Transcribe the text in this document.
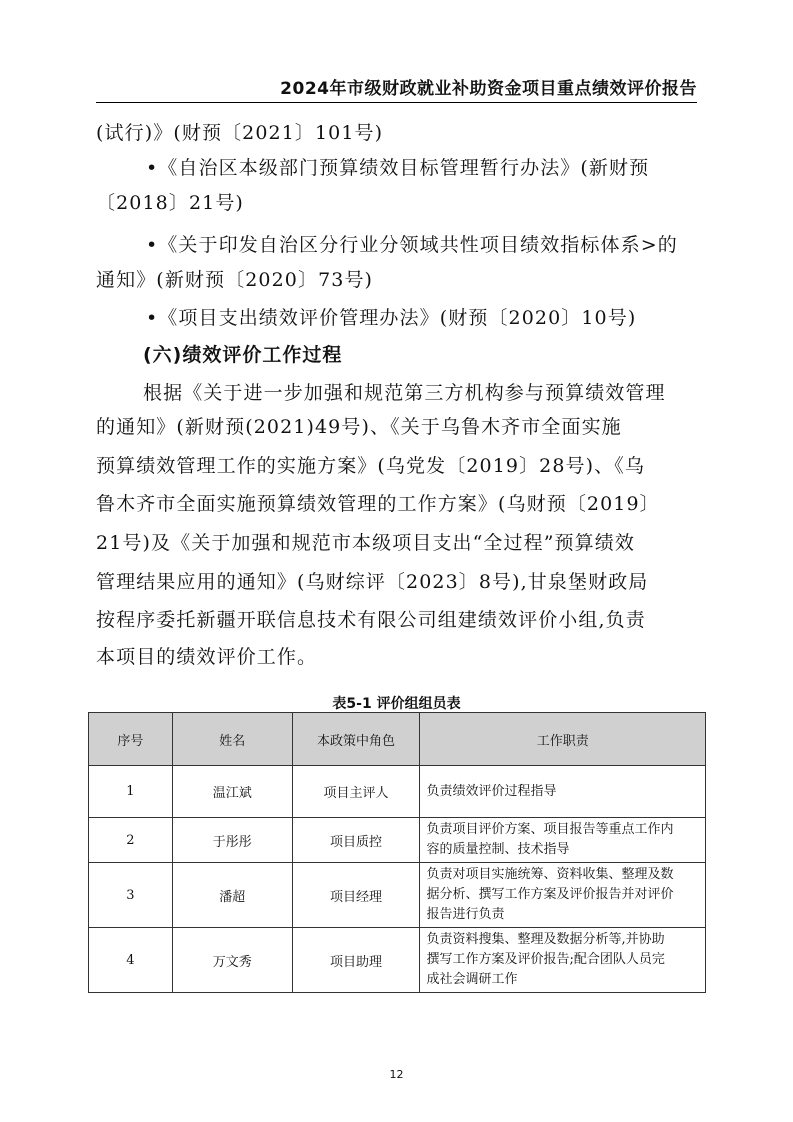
2024年市级财政就业补助资金项目重点绩效评价报告
(试行)》(财预〔2021〕101号)
•《自治区本级部门预算绩效目标管理暂行办法》(新财预
〔2018〕21号)
•《关于印发自治区分行业分领域共性项目绩效指标体系>的
通知》(新财预〔2020〕73号)
•《项目支出绩效评价管理办法》(财预〔2020〕10号)
(六)绩效评价工作过程
根据《关于进一步加强和规范第三方机构参与预算绩效管理
的通知》(新财预(2021)49号)、《关于乌鲁木齐市全面实施
预算绩效管理工作的实施方案》(乌党发〔2019〕28号)、《乌
鲁木齐市全面实施预算绩效管理的工作方案》(乌财预〔2019〕
21号)及《关于加强和规范市本级项目支出“全过程”预算绩效
管理结果应用的通知》(乌财综评〔2023〕8号),甘泉堡财政局
按程序委托新疆开联信息技术有限公司组建绩效评价小组,负责
本项目的绩效评价工作。
表5-1 评价组组员表
序号	姓名	本政策中角色	工作职责
1	温江斌	项目主评人	负责绩效评价过程指导

2	于彤彤	项目质控	负责项目评价方案、项目报告等重点工作内
容的质量控制、技术指导

3	潘超	项目经理	负责对项目实施统筹、资料收集、整理及数
据分析、撰写工作方案及评价报告并对评价
报告进行负责

4	万文秀	项目助理	负责资料搜集、整理及数据分析等,并协助
撰写工作方案及评价报告;配合团队人员完
成社会调研工作
12
